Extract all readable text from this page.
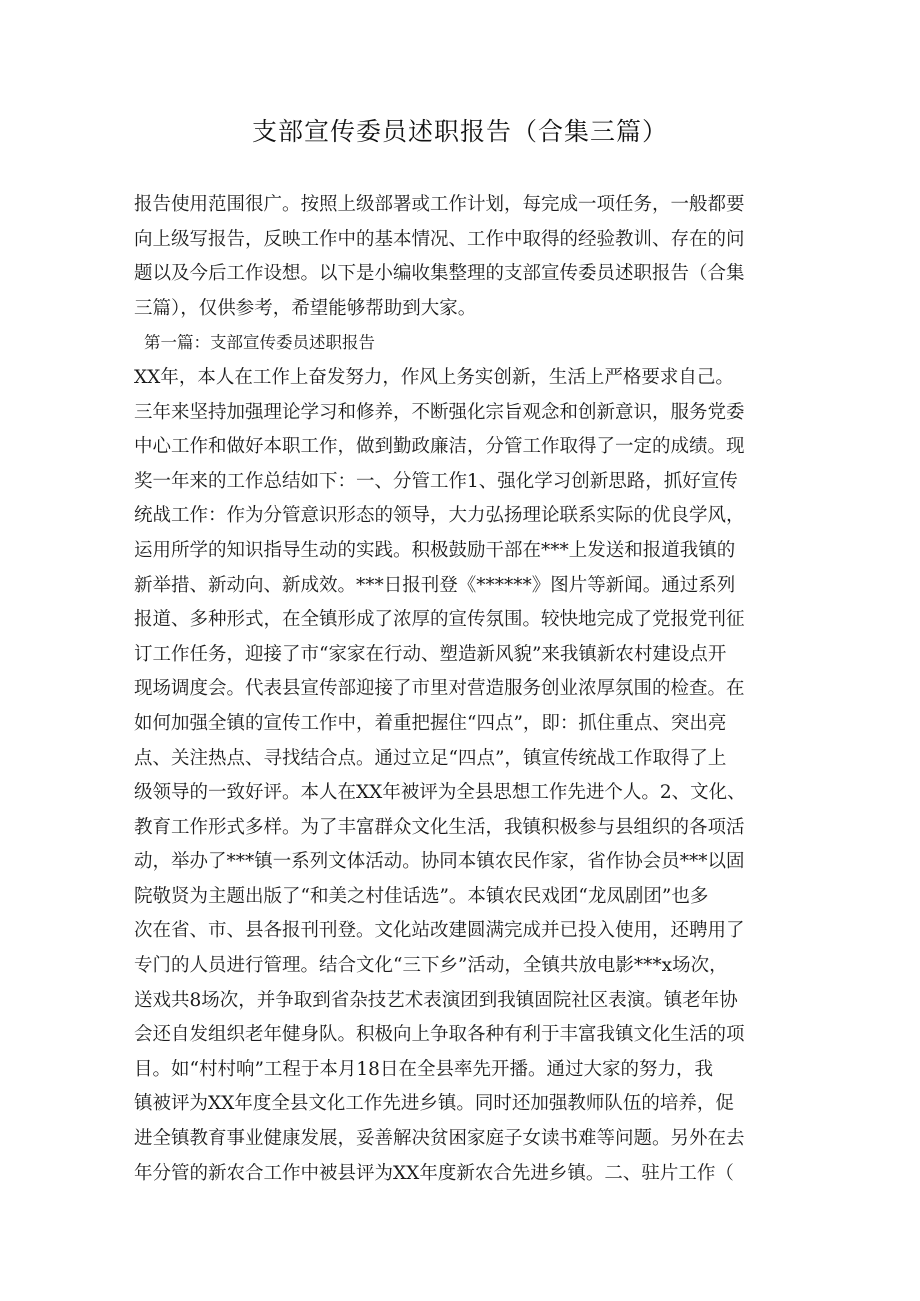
支部宣传委员述职报告（合集三篇）
报告使用范围很广。按照上级部署或工作计划，每完成一项任务，一般都要
向上级写报告，反映工作中的基本情况、工作中取得的经验教训、存在的问
题以及今后工作设想。以下是小编收集整理的支部宣传委员述职报告（合集
三篇），仅供参考，希望能够帮助到大家。
第一篇：支部宣传委员述职报告
XX年，本人在工作上奋发努力，作风上务实创新，生活上严格要求自己。
三年来坚持加强理论学习和修养，不断强化宗旨观念和创新意识，服务党委
中心工作和做好本职工作，做到勤政廉洁，分管工作取得了一定的成绩。现
奖一年来的工作总结如下：一、分管工作1、强化学习创新思路，抓好宣传
统战工作：作为分管意识形态的领导，大力弘扬理论联系实际的优良学风，
运用所学的知识指导生动的实践。积极鼓励干部在***上发送和报道我镇的
新举措、新动向、新成效。***日报刊登《******》图片等新闻。通过系列
报道、多种形式，在全镇形成了浓厚的宣传氛围。较快地完成了党报党刊征
订工作任务，迎接了市“家家在行动、塑造新风貌”来我镇新农村建设点开
现场调度会。代表县宣传部迎接了市里对营造服务创业浓厚氛围的检查。在
如何加强全镇的宣传工作中，着重把握住“四点”，即：抓住重点、突出亮
点、关注热点、寻找结合点。通过立足“四点”，镇宣传统战工作取得了上
级领导的一致好评。本人在XX年被评为全县思想工作先进个人。2、文化、
教育工作形式多样。为了丰富群众文化生活，我镇积极参与县组织的各项活
动，举办了***镇一系列文体活动。协同本镇农民作家，省作协会员***以固
院敬贤为主题出版了“和美之村佳话选”。本镇农民戏团“龙凤剧团”也多
次在省、市、县各报刊刊登。文化站改建圆满完成并已投入使用，还聘用了
专门的人员进行管理。结合文化“三下乡”活动，全镇共放电影***x场次，
送戏共8场次，并争取到省杂技艺术表演团到我镇固院社区表演。镇老年协
会还自发组织老年健身队。积极向上争取各种有利于丰富我镇文化生活的项
目。如“村村响”工程于本月18日在全县率先开播。通过大家的努力，我
镇被评为XX年度全县文化工作先进乡镇。同时还加强教师队伍的培养，促
进全镇教育事业健康发展，妥善解决贫困家庭子女读书难等问题。另外在去
年分管的新农合工作中被县评为XX年度新农合先进乡镇。二、驻片工作（
